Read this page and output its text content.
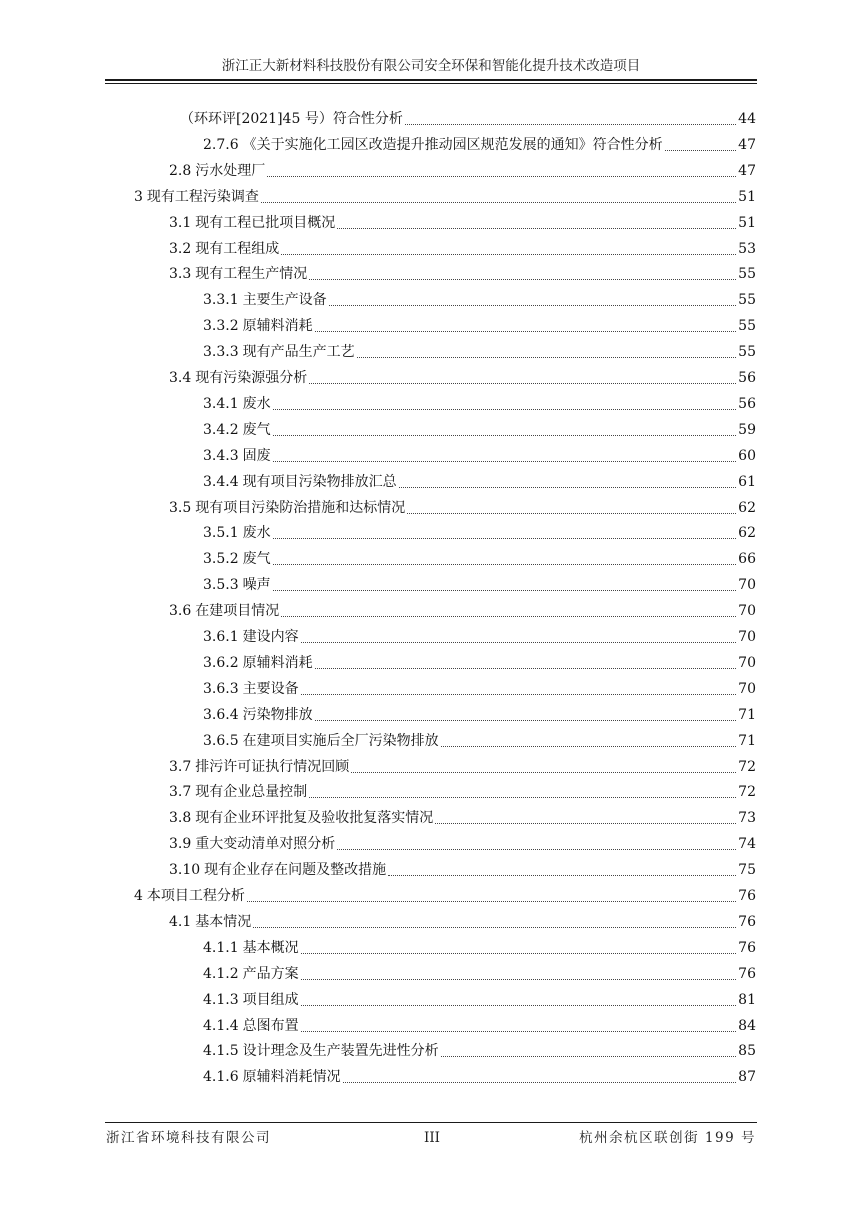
浙江正大新材料科技股份有限公司安全环保和智能化提升技术改造项目
（环环评[2021]45 号）符合性分析	44
2.7.6 《关于实施化工园区改造提升推动园区规范发展的通知》符合性分析	47
2.8 污水处理厂	47
3 现有工程污染调查	51
3.1 现有工程已批项目概况	51
3.2 现有工程组成	53
3.3 现有工程生产情况	55
3.3.1 主要生产设备	55
3.3.2 原辅料消耗	55
3.3.3 现有产品生产工艺	55
3.4 现有污染源强分析	56
3.4.1 废水	56
3.4.2 废气	59
3.4.3 固废	60
3.4.4 现有项目污染物排放汇总	61
3.5 现有项目污染防治措施和达标情况	62
3.5.1 废水	62
3.5.2 废气	66
3.5.3 噪声	70
3.6 在建项目情况	70
3.6.1 建设内容	70
3.6.2 原辅料消耗	70
3.6.3 主要设备	70
3.6.4 污染物排放	71
3.6.5 在建项目实施后全厂污染物排放	71
3.7 排污许可证执行情况回顾	72
3.7 现有企业总量控制	72
3.8 现有企业环评批复及验收批复落实情况	73
3.9 重大变动清单对照分析	74
3.10 现有企业存在问题及整改措施	75
4 本项目工程分析	76
4.1 基本情况	76
4.1.1 基本概况	76
4.1.2 产品方案	76
4.1.3 项目组成	81
4.1.4 总图布置	84
4.1.5 设计理念及生产装置先进性分析	85
4.1.6 原辅料消耗情况	87
浙江省环境科技有限公司	III	杭州余杭区联创街 199 号
